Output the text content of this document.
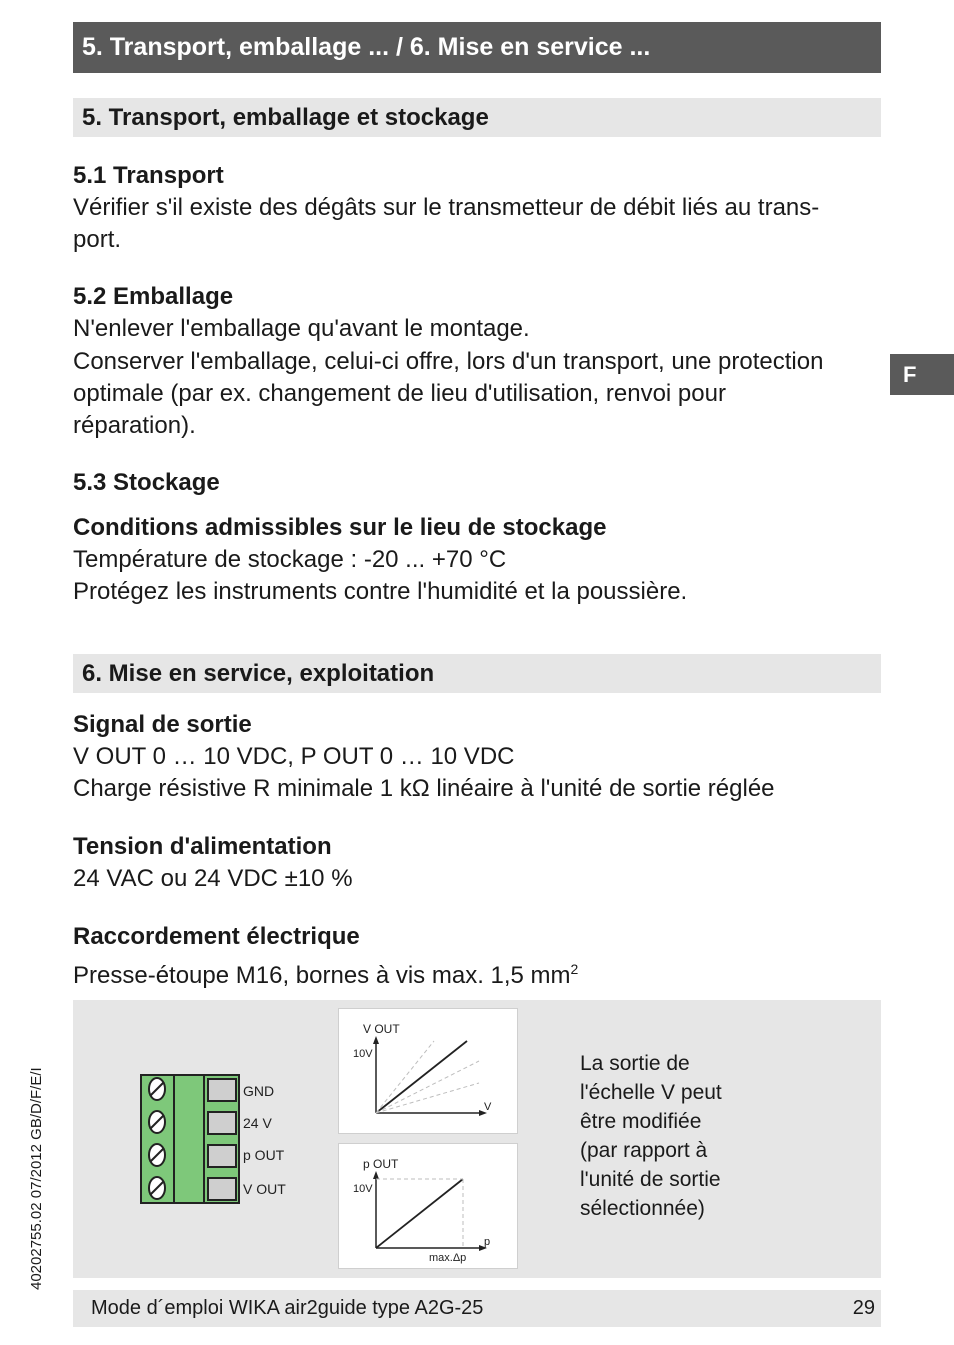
5. Transport, emballage ... / 6. Mise en service ...
F
40202755.02 07/2012 GB/D/F/E/I
5. Transport, emballage et stockage
5.1 Transport
Vérifier s'il existe des dégâts sur le transmetteur de débit liés au trans-
port.
5.2 Emballage
N'enlever l'emballage qu'avant le montage.
Conserver l'emballage, celui-ci offre, lors d'un transport, une protection
optimale (par ex. changement de lieu d'utilisation, renvoi pour
réparation).
5.3 Stockage
Conditions admissibles sur le lieu de stockage
Température de stockage : -20 ... +70 °C
Protégez les instruments contre l'humidité et la poussière.
6. Mise en service, exploitation
Signal de sortie
V OUT 0 … 10 VDC, P OUT 0 … 10 VDC
Charge résistive R minimale 1 kΩ linéaire à l'unité de sortie réglée
Tension d'alimentation
24 VAC ou 24 VDC ±10 %
Raccordement électrique
Presse-étoupe M16, bornes à vis max. 1,5 $mm^2$
GND
24 V
p OUT
V OUT
V OUT
10V
V
p OUT
10V
max.Δp
p
La sortie de
l'échelle V peut
être modifiée
(par rapport à
l'unité de sortie
sélectionnée)
Mode d´emploi WIKA air2guide type A2G-25	29
